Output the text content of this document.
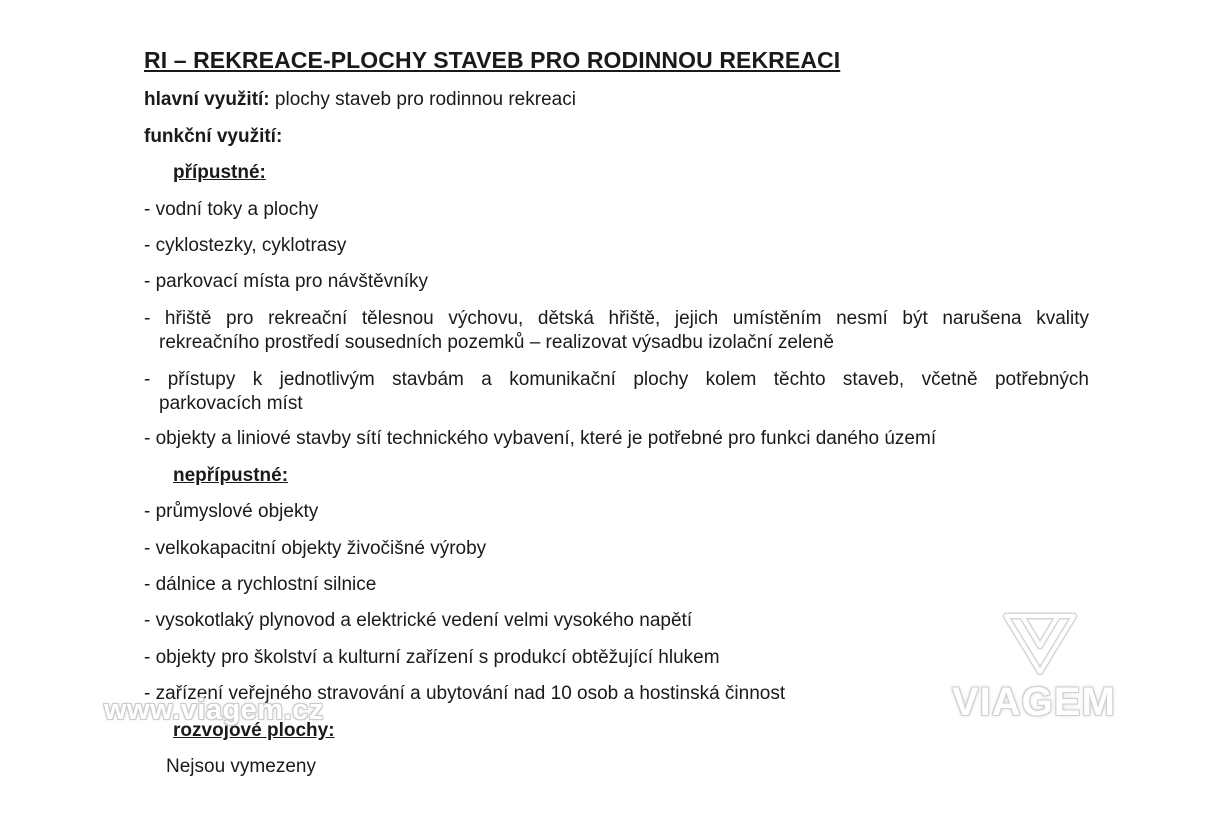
RI – REKREACE-PLOCHY STAVEB PRO RODINNOU REKREACI
hlavní využití: plochy staveb pro rodinnou rekreaci
funkční využití:
přípustné:
- vodní toky a plochy
- cyklostezky, cyklotrasy
- parkovací místa pro návštěvníky
- hřiště pro rekreační tělesnou výchovu, dětská hřiště, jejich umístěním nesmí být narušena kvality
rekreačního prostředí sousedních pozemků – realizovat výsadbu izolační zeleně
- přístupy k jednotlivým stavbám a komunikační plochy kolem těchto staveb, včetně potřebných
parkovacích míst
- objekty a liniové stavby sítí technického vybavení, které je potřebné pro funkci daného území
nepřípustné:
- průmyslové objekty
- velkokapacitní objekty živočišné výroby
- dálnice a rychlostní silnice
- vysokotlaký plynovod a elektrické vedení velmi vysokého napětí
- objekty pro školství a kulturní zařízení s produkcí obtěžující hlukem
- zařízení veřejného stravování a ubytování nad 10 osob a hostinská činnost
rozvojové plochy:
Nejsou vymezeny
www.viagem.cz	VIAGEM
